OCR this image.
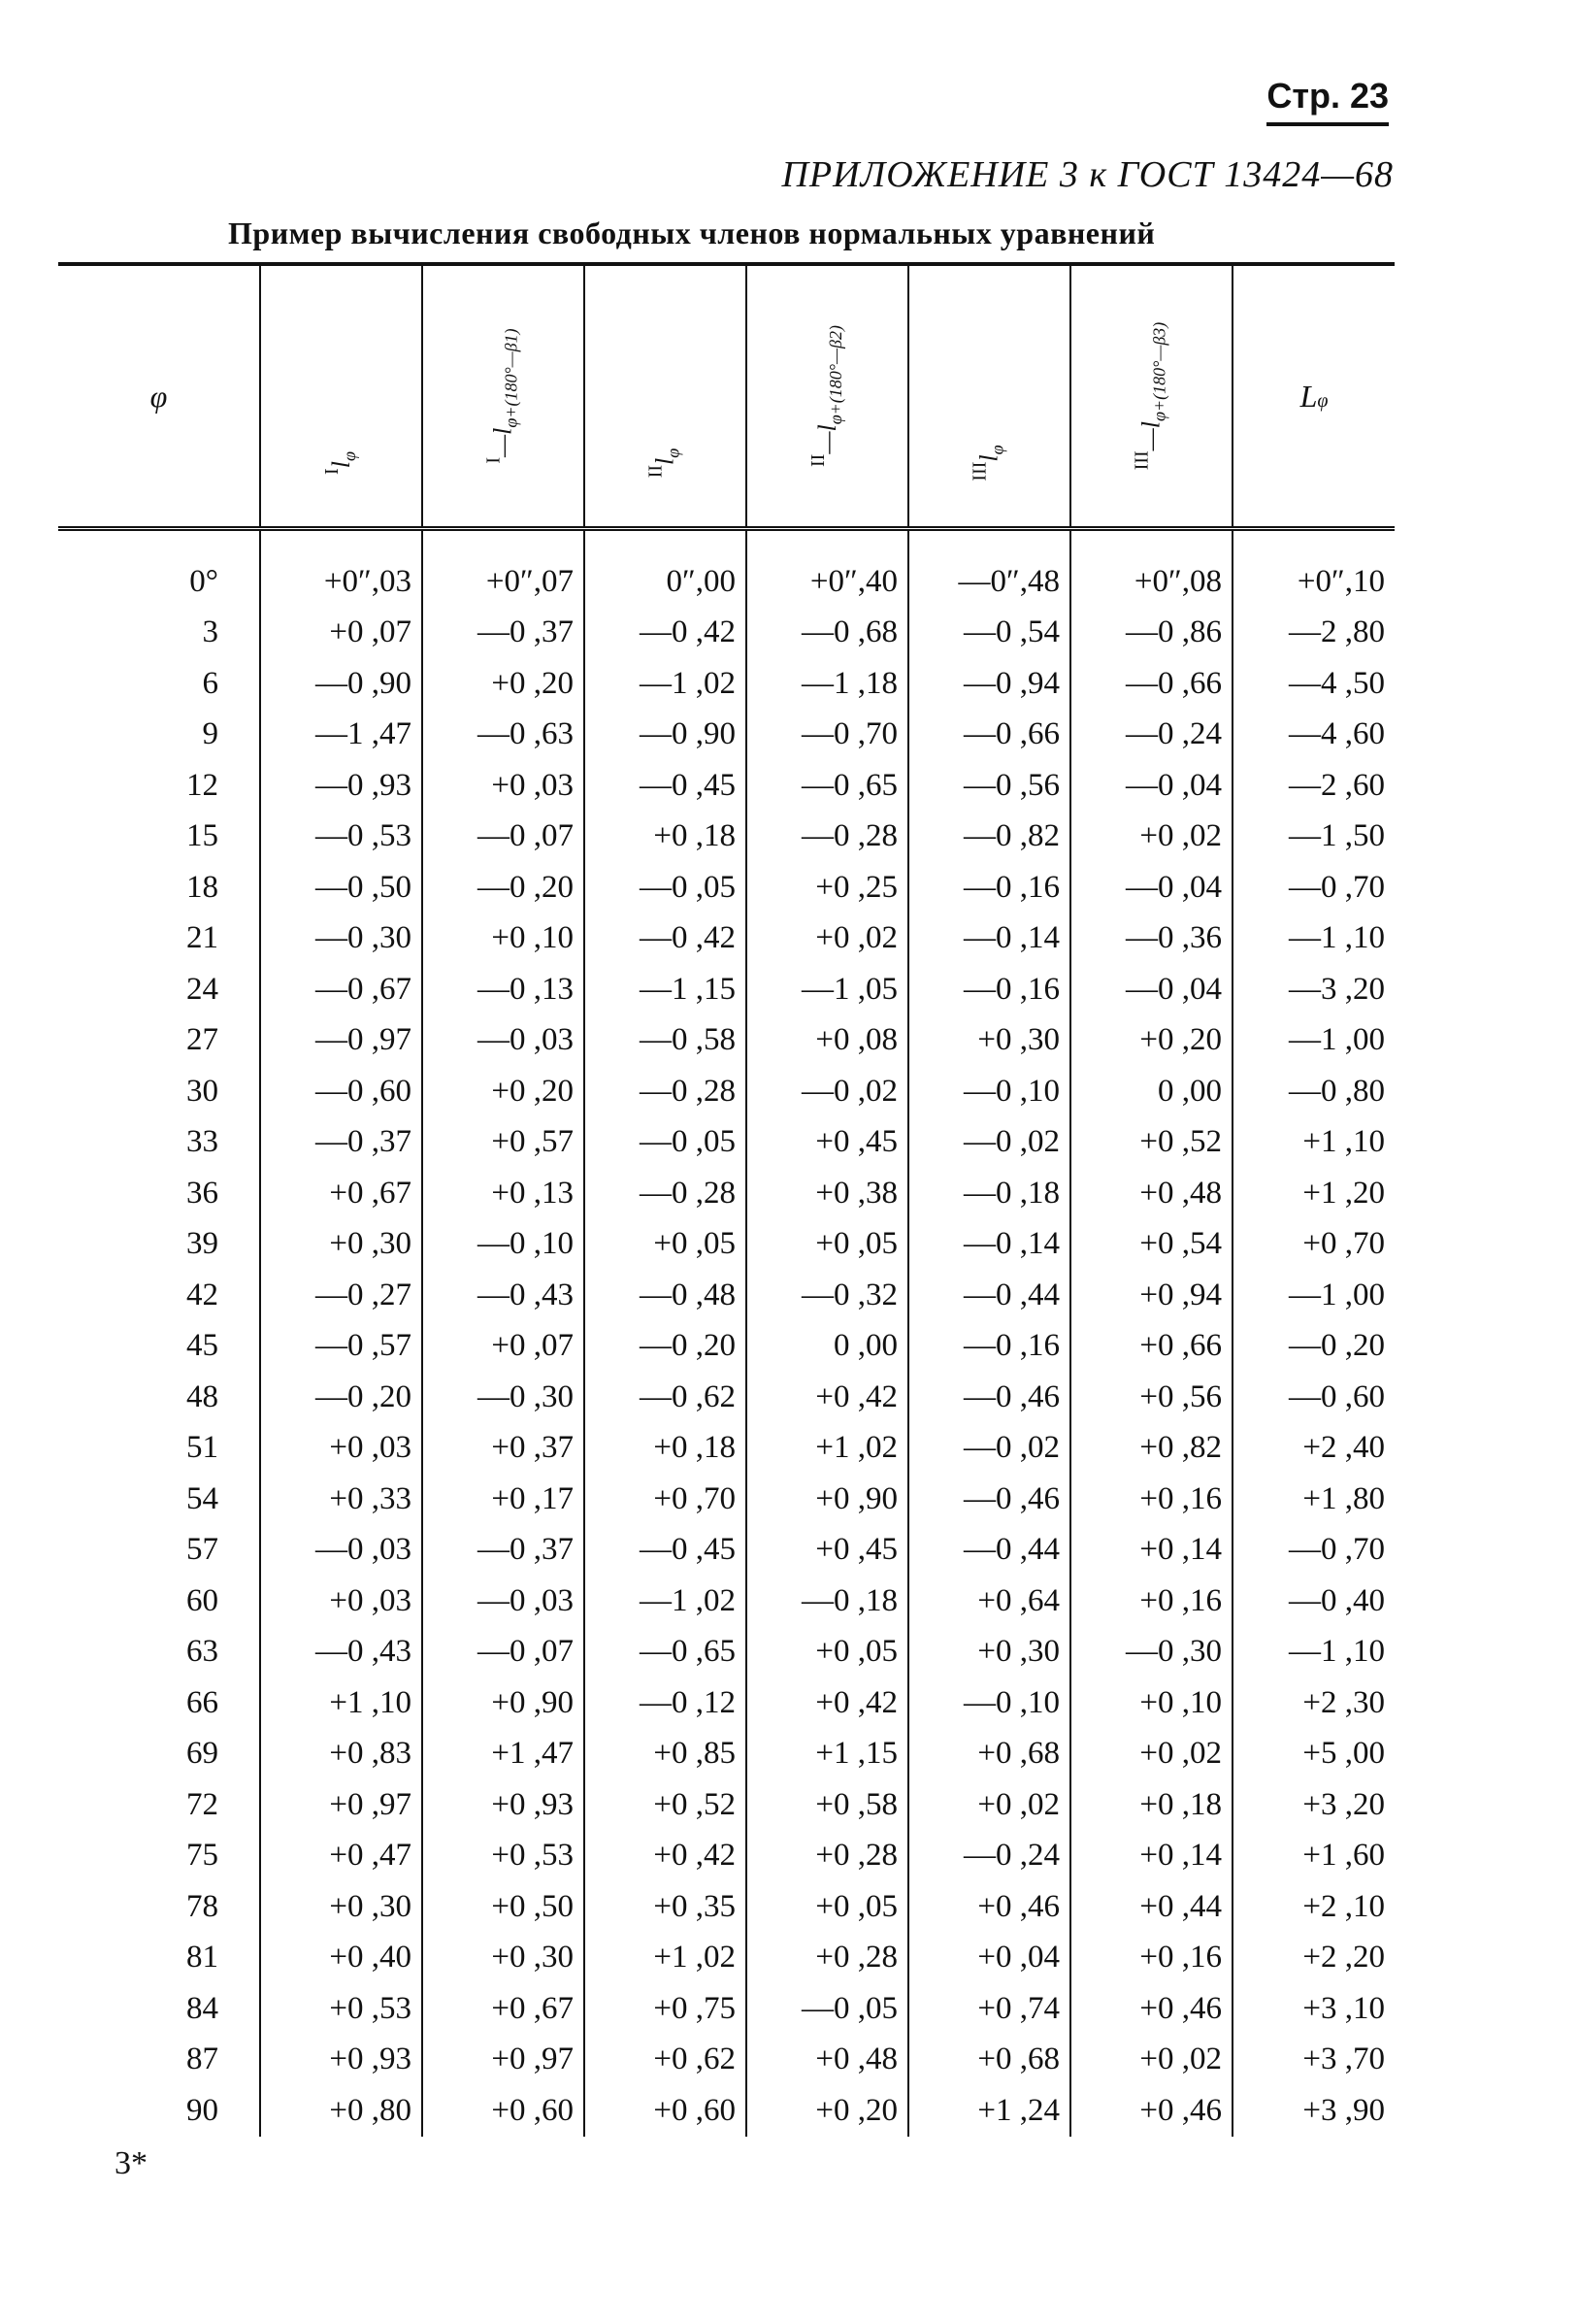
Стр. 23
ПРИЛОЖЕНИЕ 3 к ГОСТ 13424—68
Пример вычисления свободных членов нормальных уравнений
φ	$^Il_\varphi$	$^I—l_{\varphi+(180^\circ—\beta 1)}$	$^{II}l_\varphi$	$^{II}—l_{\varphi+(180^\circ—\beta 2)}$	$^{III}l_\varphi$	$^{III}—l_{\varphi+(180^\circ—\beta 3)}$	Lφ
0°	+0″,03	+0″,07	0″,00	+0″,40	—0″,48	+0″,08	+0″,10
3	+0 ,07	—0 ,37	—0 ,42	—0 ,68	—0 ,54	—0 ,86	—2 ,80
6	—0 ,90	+0 ,20	—1 ,02	—1 ,18	—0 ,94	—0 ,66	—4 ,50
9	—1 ,47	—0 ,63	—0 ,90	—0 ,70	—0 ,66	—0 ,24	—4 ,60
12	—0 ,93	+0 ,03	—0 ,45	—0 ,65	—0 ,56	—0 ,04	—2 ,60
15	—0 ,53	—0 ,07	+0 ,18	—0 ,28	—0 ,82	+0 ,02	—1 ,50
18	—0 ,50	—0 ,20	—0 ,05	+0 ,25	—0 ,16	—0 ,04	—0 ,70
21	—0 ,30	+0 ,10	—0 ,42	+0 ,02	—0 ,14	—0 ,36	—1 ,10
24	—0 ,67	—0 ,13	—1 ,15	—1 ,05	—0 ,16	—0 ,04	—3 ,20
27	—0 ,97	—0 ,03	—0 ,58	+0 ,08	+0 ,30	+0 ,20	—1 ,00
30	—0 ,60	+0 ,20	—0 ,28	—0 ,02	—0 ,10	0 ,00	—0 ,80
33	—0 ,37	+0 ,57	—0 ,05	+0 ,45	—0 ,02	+0 ,52	+1 ,10
36	+0 ,67	+0 ,13	—0 ,28	+0 ,38	—0 ,18	+0 ,48	+1 ,20
39	+0 ,30	—0 ,10	+0 ,05	+0 ,05	—0 ,14	+0 ,54	+0 ,70
42	—0 ,27	—0 ,43	—0 ,48	—0 ,32	—0 ,44	+0 ,94	—1 ,00
45	—0 ,57	+0 ,07	—0 ,20	0 ,00	—0 ,16	+0 ,66	—0 ,20
48	—0 ,20	—0 ,30	—0 ,62	+0 ,42	—0 ,46	+0 ,56	—0 ,60
51	+0 ,03	+0 ,37	+0 ,18	+1 ,02	—0 ,02	+0 ,82	+2 ,40
54	+0 ,33	+0 ,17	+0 ,70	+0 ,90	—0 ,46	+0 ,16	+1 ,80
57	—0 ,03	—0 ,37	—0 ,45	+0 ,45	—0 ,44	+0 ,14	—0 ,70
60	+0 ,03	—0 ,03	—1 ,02	—0 ,18	+0 ,64	+0 ,16	—0 ,40
63	—0 ,43	—0 ,07	—0 ,65	+0 ,05	+0 ,30	—0 ,30	—1 ,10
66	+1 ,10	+0 ,90	—0 ,12	+0 ,42	—0 ,10	+0 ,10	+2 ,30
69	+0 ,83	+1 ,47	+0 ,85	+1 ,15	+0 ,68	+0 ,02	+5 ,00
72	+0 ,97	+0 ,93	+0 ,52	+0 ,58	+0 ,02	+0 ,18	+3 ,20
75	+0 ,47	+0 ,53	+0 ,42	+0 ,28	—0 ,24	+0 ,14	+1 ,60
78	+0 ,30	+0 ,50	+0 ,35	+0 ,05	+0 ,46	+0 ,44	+2 ,10
81	+0 ,40	+0 ,30	+1 ,02	+0 ,28	+0 ,04	+0 ,16	+2 ,20
84	+0 ,53	+0 ,67	+0 ,75	—0 ,05	+0 ,74	+0 ,46	+3 ,10
87	+0 ,93	+0 ,97	+0 ,62	+0 ,48	+0 ,68	+0 ,02	+3 ,70
90	+0 ,80	+0 ,60	+0 ,60	+0 ,20	+1 ,24	+0 ,46	+3 ,90
3*
